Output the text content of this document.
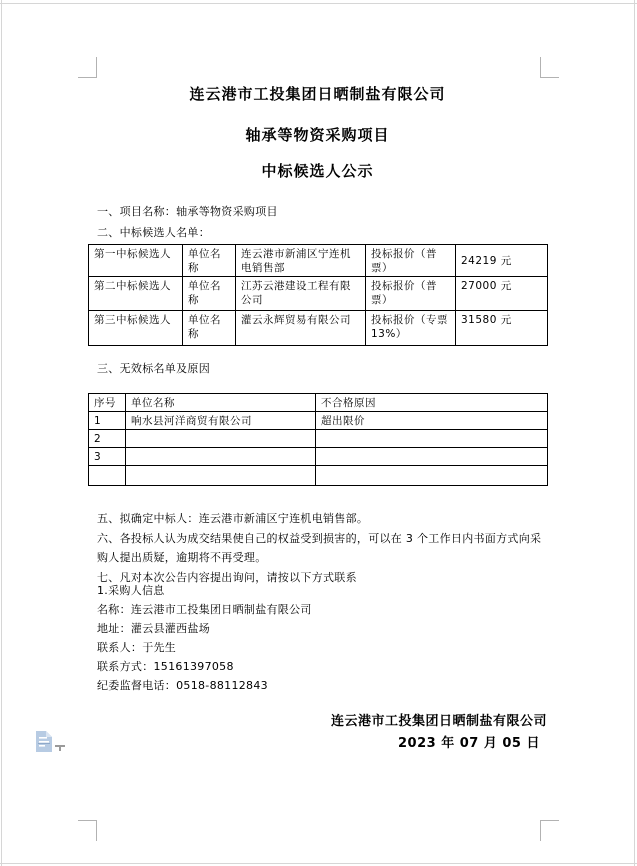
连云港市工投集团日晒制盐有限公司
轴承等物资采购项目
中标候选人公示
一、项目名称：轴承等物资采购项目
二、中标候选人名单：
第一中标候选人	单位名称	连云港市新浦区宁连机电销售部	投标报价（普票）	24219 元
第二中标候选人	单位名称	江苏云港建设工程有限公司	投标报价（普票）	27000 元
第三中标候选人	单位名称	灌云永辉贸易有限公司	投标报价（专票 13%）	31580 元
三、无效标名单及原因
序号	单位名称	不合格原因
1	响水县河洋商贸有限公司	超出限价
2		
3		

五、拟确定中标人：连云港市新浦区宁连机电销售部。
六、各投标人认为成交结果使自己的权益受到损害的，可以在 3 个工作日内书面方式向采购人提出质疑，逾期将不再受理。
七、凡对本次公告内容提出询问，请按以下方式联系
1.采购人信息
名称：连云港市工投集团日晒制盐有限公司
地址：灌云县灌西盐场
联系人：于先生
联系方式：15161397058
纪委监督电话：0518-88112843
连云港市工投集团日晒制盐有限公司
2023 年 07 月 05 日
